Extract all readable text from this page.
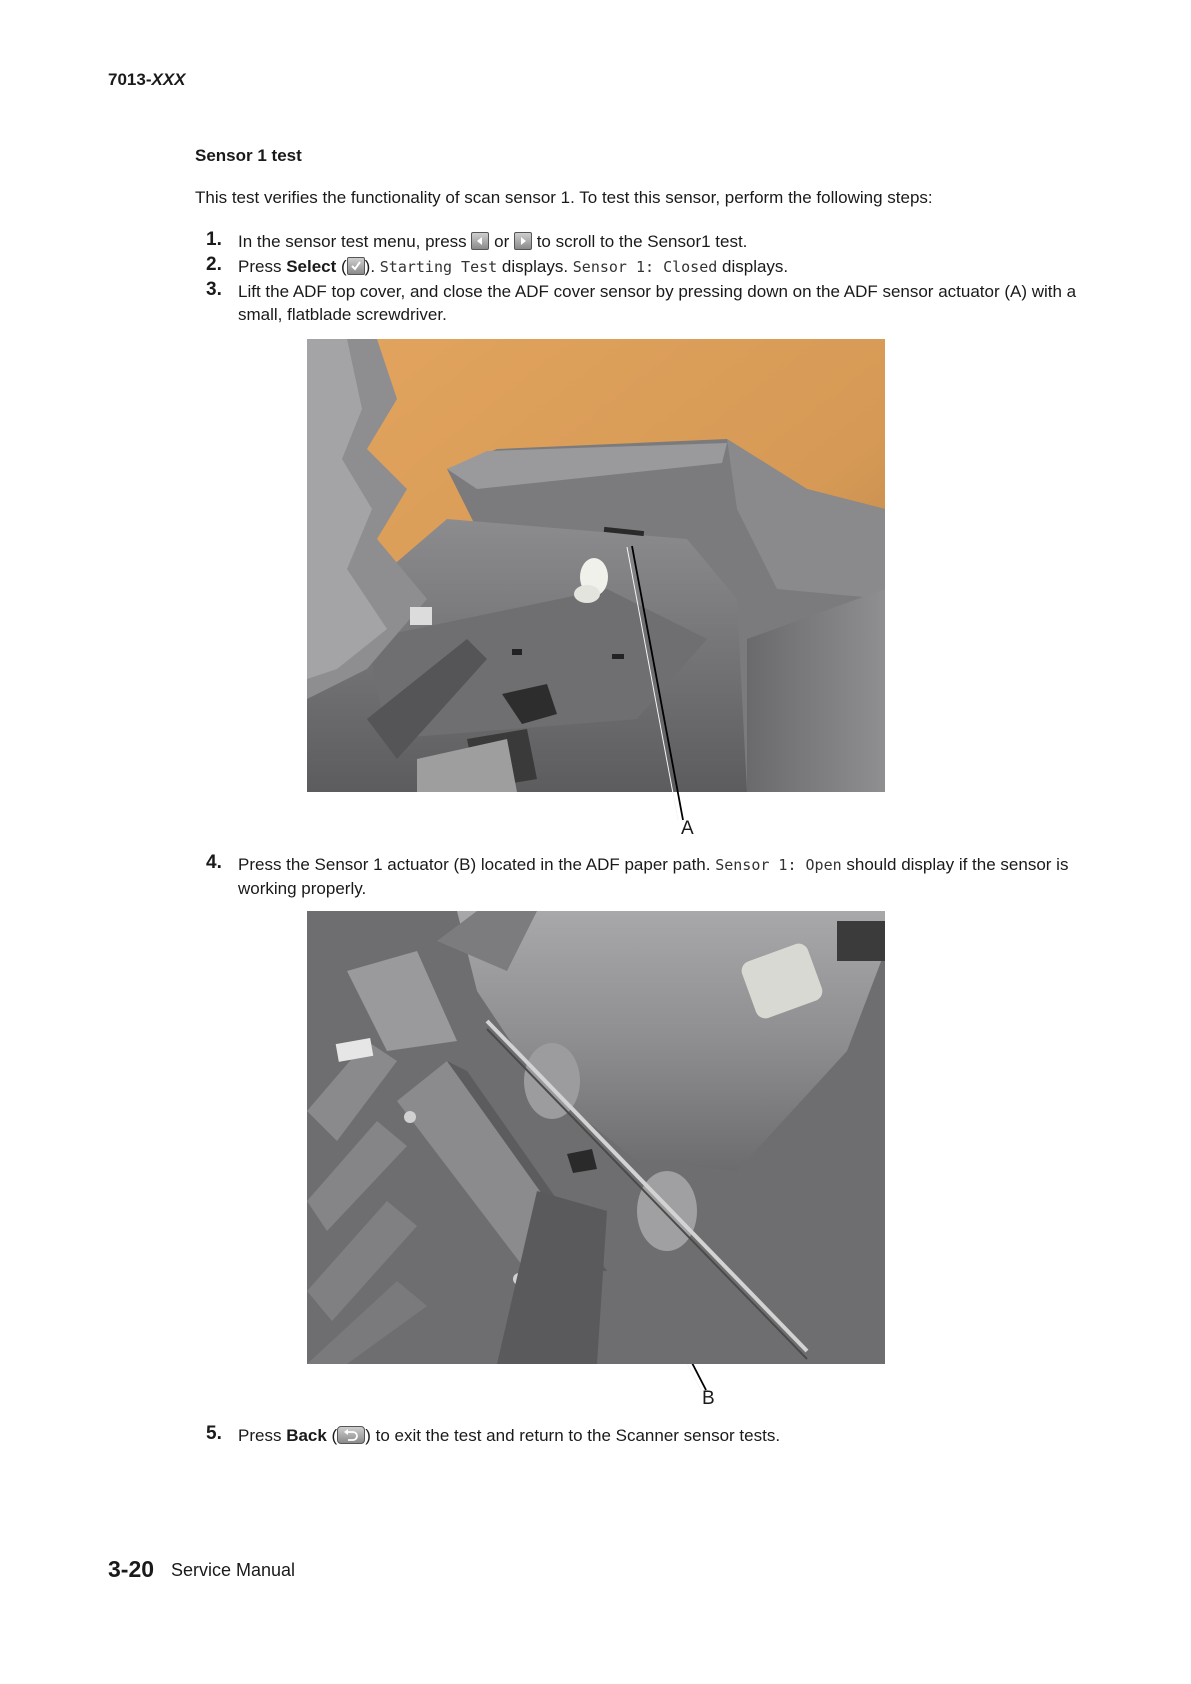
7013-XXX
Sensor 1 test
This test verifies the functionality of scan sensor 1. To test this sensor, perform the following steps:
1. In the sensor test menu, press
or
to scroll to the Sensor1 test.
2. Press Select ( ). Starting Test displays. Sensor 1: Closed displays.
3. Lift the ADF top cover, and close the ADF cover sensor by pressing down on the ADF sensor actuator (A) with a small, flatblade screwdriver.
A
4. Press the Sensor 1 actuator (B) located in the ADF paper path. Sensor 1: Open should display if the sensor is working properly.
B
5. Press Back ( ) to exit the test and return to the Scanner sensor tests.
3-20 Service Manual
